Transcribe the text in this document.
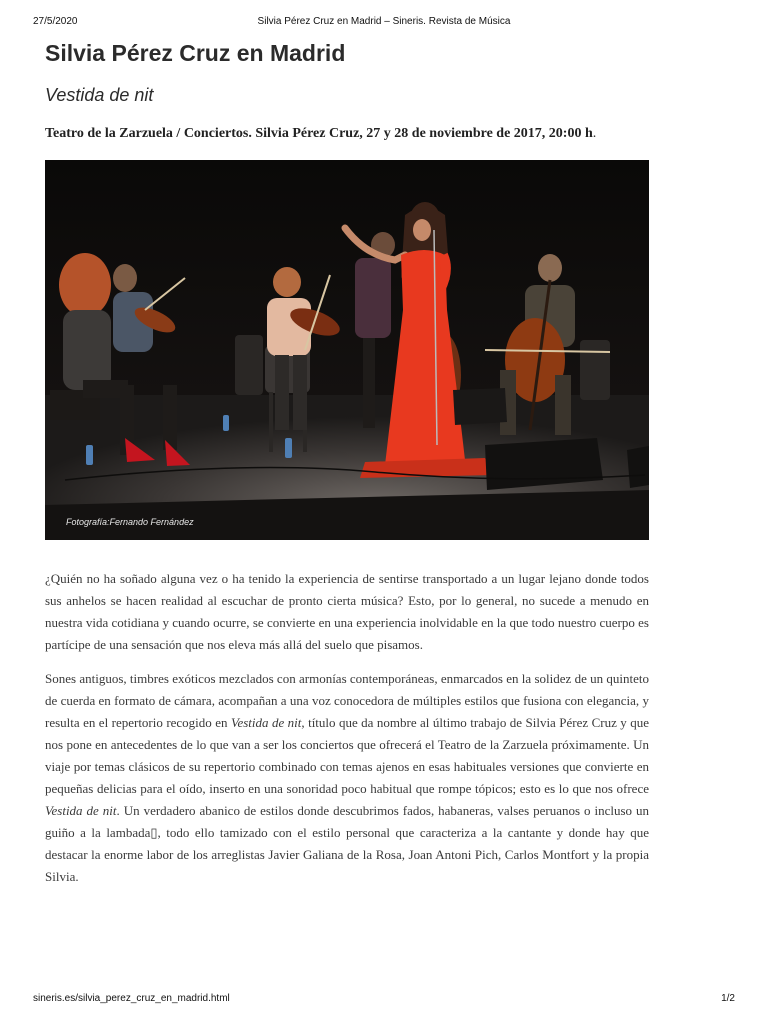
27/5/2020	Silvia Pérez Cruz en Madrid – Sineris. Revista de Música
Silvia Pérez Cruz en Madrid
Vestida de nit

Teatro de la Zarzuela / Conciertos. Silvia Pérez Cruz, 27 y 28 de noviembre de 2017, 20:00 h.

Fotografía:Fernando Fernández

¿Quién no ha soñado alguna vez o ha tenido la experiencia de sentirse transportado a un lugar lejano donde todos sus anhelos se hacen realidad al escuchar de pronto cierta música? Esto, por lo general, no sucede a menudo en nuestra vida cotidiana y cuando ocurre, se convierte en una experiencia inolvidable en la que todo nuestro cuerpo es partícipe de una sensación que nos eleva más allá del suelo que pisamos.

Sones antiguos, timbres exóticos mezclados con armonías contemporáneas, enmarcados en la solidez de un quinteto de cuerda en formato de cámara, acompañan a una voz conocedora de múltiples estilos que fusiona con elegancia, y resulta en el repertorio recogido en Vestida de nit, título que da nombre al último trabajo de Silvia Pérez Cruz y que nos pone en antecedentes de lo que van a ser los conciertos que ofrecerá el Teatro de la Zarzuela próximamente. Un viaje por temas clásicos de su repertorio combinado con temas ajenos en esas habituales versiones que convierte en pequeñas delicias para el oído, inserto en una sonoridad poco habitual que rompe tópicos; esto es lo que nos ofrece Vestida de nit. Un verdadero abanico de estilos donde descubrimos fados, habaneras, valses peruanos o incluso un guiño a la lambada▯, todo ello tamizado con el estilo personal que caracteriza a la cantante y donde hay que destacar la enorme labor de los arreglistas Javier Galiana de la Rosa, Joan Antoni Pich, Carlos Montfort y la propia Silvia.

sineris.es/silvia_perez_cruz_en_madrid.html	1/2
